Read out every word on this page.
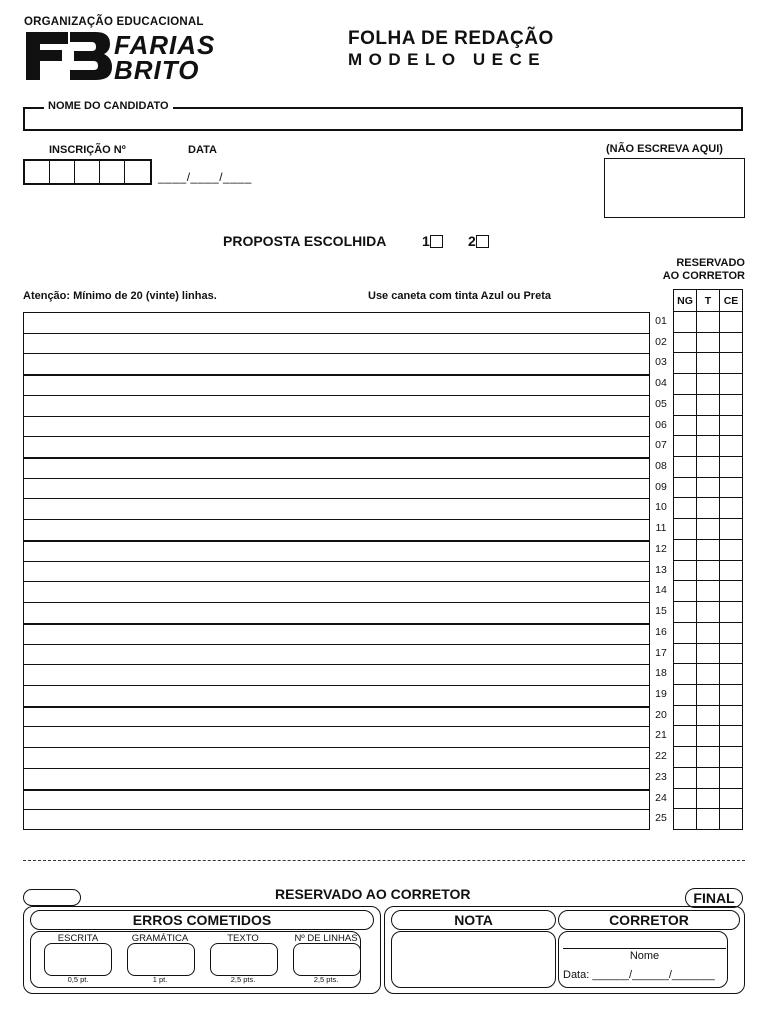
ORGANIZAÇÃO EDUCACIONAL
FARIAS
BRITO
FOLHA DE REDAÇÃO
MODELO UECE
NOME DO CANDIDATO
INSCRIÇÃO Nº	DATA	(NÃO ESCREVA AQUI)
____/____/____
PROPOSTA ESCOLHIDA	1	2
RESERVADO
AO CORRETOR
Atenção: Mínimo de 20 (vinte) linhas.	Use caneta com tinta Azul ou Preta
01
02
03
04
05
06
07
08
09
10
11
12
13
14
15
16
17
18
19
20
21
22
23
24
25
NG	T	CE

RESERVADO AO CORRETOR	FINAL
ERROS COMETIDOS	NOTA	CORRETOR
ESCRITA
0,5 pt.
GRAMÁTICA
1 pt.
TEXTO
2,5 pts.
Nº DE LINHAS
2,5 pts.
Nome
Data: ______/______/_______
